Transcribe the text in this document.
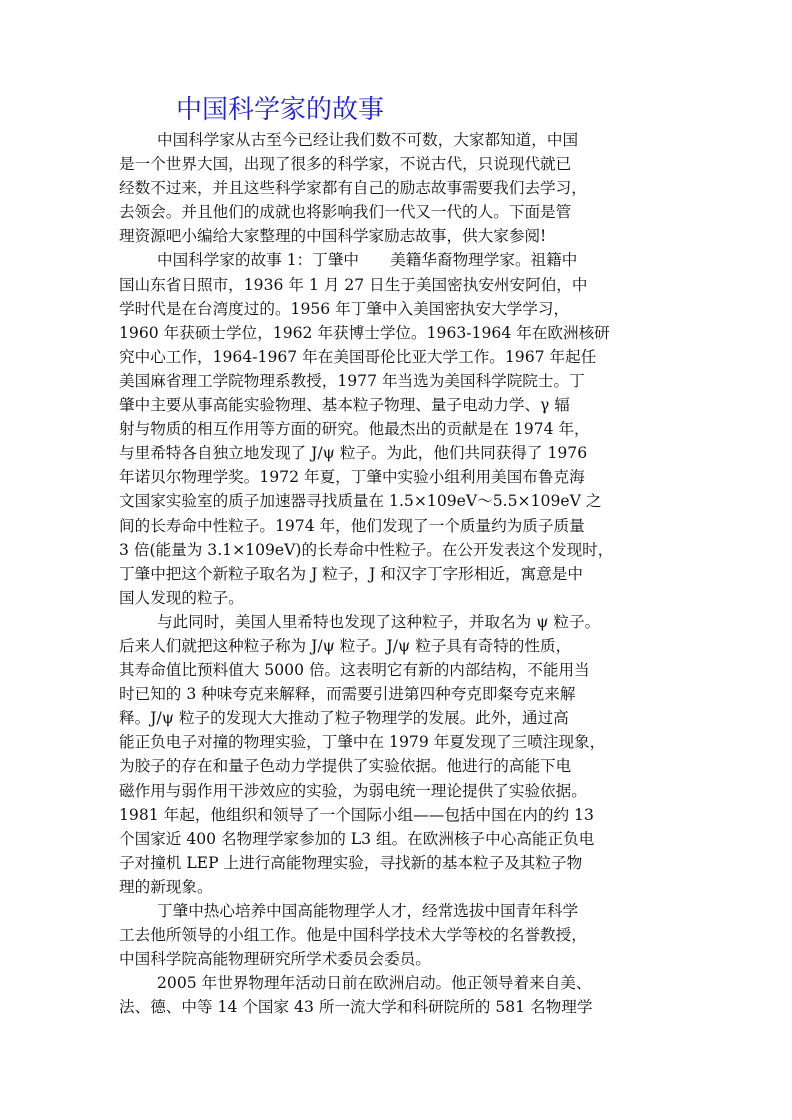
中国科学家的故事

中国科学家从古至今已经让我们数不可数，大家都知道，中国
是一个世界大国，出现了很多的科学家，不说古代，只说现代就已
经数不过来，并且这些科学家都有自己的励志故事需要我们去学习，
去领会。并且他们的成就也将影响我们一代又一代的人。下面是管
理资源吧小编给大家整理的中国科学家励志故事，供大家参阅!

中国科学家的故事 1：丁肇中　　美籍华裔物理学家。祖籍中
国山东省日照市，1936 年 1 月 27 日生于美国密执安州安阿伯，中
学时代是在台湾度过的。1956 年丁肇中入美国密执安大学学习，
1960 年获硕士学位，1962 年获博士学位。1963-1964 年在欧洲核研
究中心工作，1964-1967 年在美国哥伦比亚大学工作。1967 年起任
美国麻省理工学院物理系教授，1977 年当选为美国科学院院士。丁
肇中主要从事高能实验物理、基本粒子物理、量子电动力学、γ 辐
射与物质的相互作用等方面的研究。他最杰出的贡献是在 1974 年，
与里希特各自独立地发现了 J/ψ 粒子。为此，他们共同获得了 1976
年诺贝尔物理学奖。1972 年夏，丁肇中实验小组利用美国布鲁克海
文国家实验室的质子加速器寻找质量在 1.5×109eV～5.5×109eV 之
间的长寿命中性粒子。1974 年，他们发现了一个质量约为质子质量
3 倍(能量为 3.1×109eV)的长寿命中性粒子。在公开发表这个发现时，
丁肇中把这个新粒子取名为 J 粒子，J 和汉字丁字形相近，寓意是中
国人发现的粒子。

与此同时，美国人里希特也发现了这种粒子，并取名为 ψ 粒子。
后来人们就把这种粒子称为 J/ψ 粒子。J/ψ 粒子具有奇特的性质，
其寿命值比预料值大 5000 倍。这表明它有新的内部结构，不能用当
时已知的 3 种味夸克来解释，而需要引进第四种夸克即粲夸克来解
释。J/ψ 粒子的发现大大推动了粒子物理学的发展。此外，通过高
能正负电子对撞的物理实验，丁肇中在 1979 年夏发现了三喷注现象，
为胶子的存在和量子色动力学提供了实验依据。他进行的高能下电
磁作用与弱作用干涉效应的实验，为弱电统一理论提供了实验依据。
1981 年起，他组织和领导了一个国际小组——包括中国在内的约 13
个国家近 400 名物理学家参加的 L3 组。在欧洲核子中心高能正负电
子对撞机 LEP 上进行高能物理实验，寻找新的基本粒子及其粒子物
理的新现象。

丁肇中热心培养中国高能物理学人才，经常选拔中国青年科学
工去他所领导的小组工作。他是中国科学技术大学等校的名誉教授，
中国科学院高能物理研究所学术委员会委员。

2005 年世界物理年活动日前在欧洲启动。他正领导着来自美、
法、德、中等 14 个国家 43 所一流大学和科研院所的 581 名物理学
